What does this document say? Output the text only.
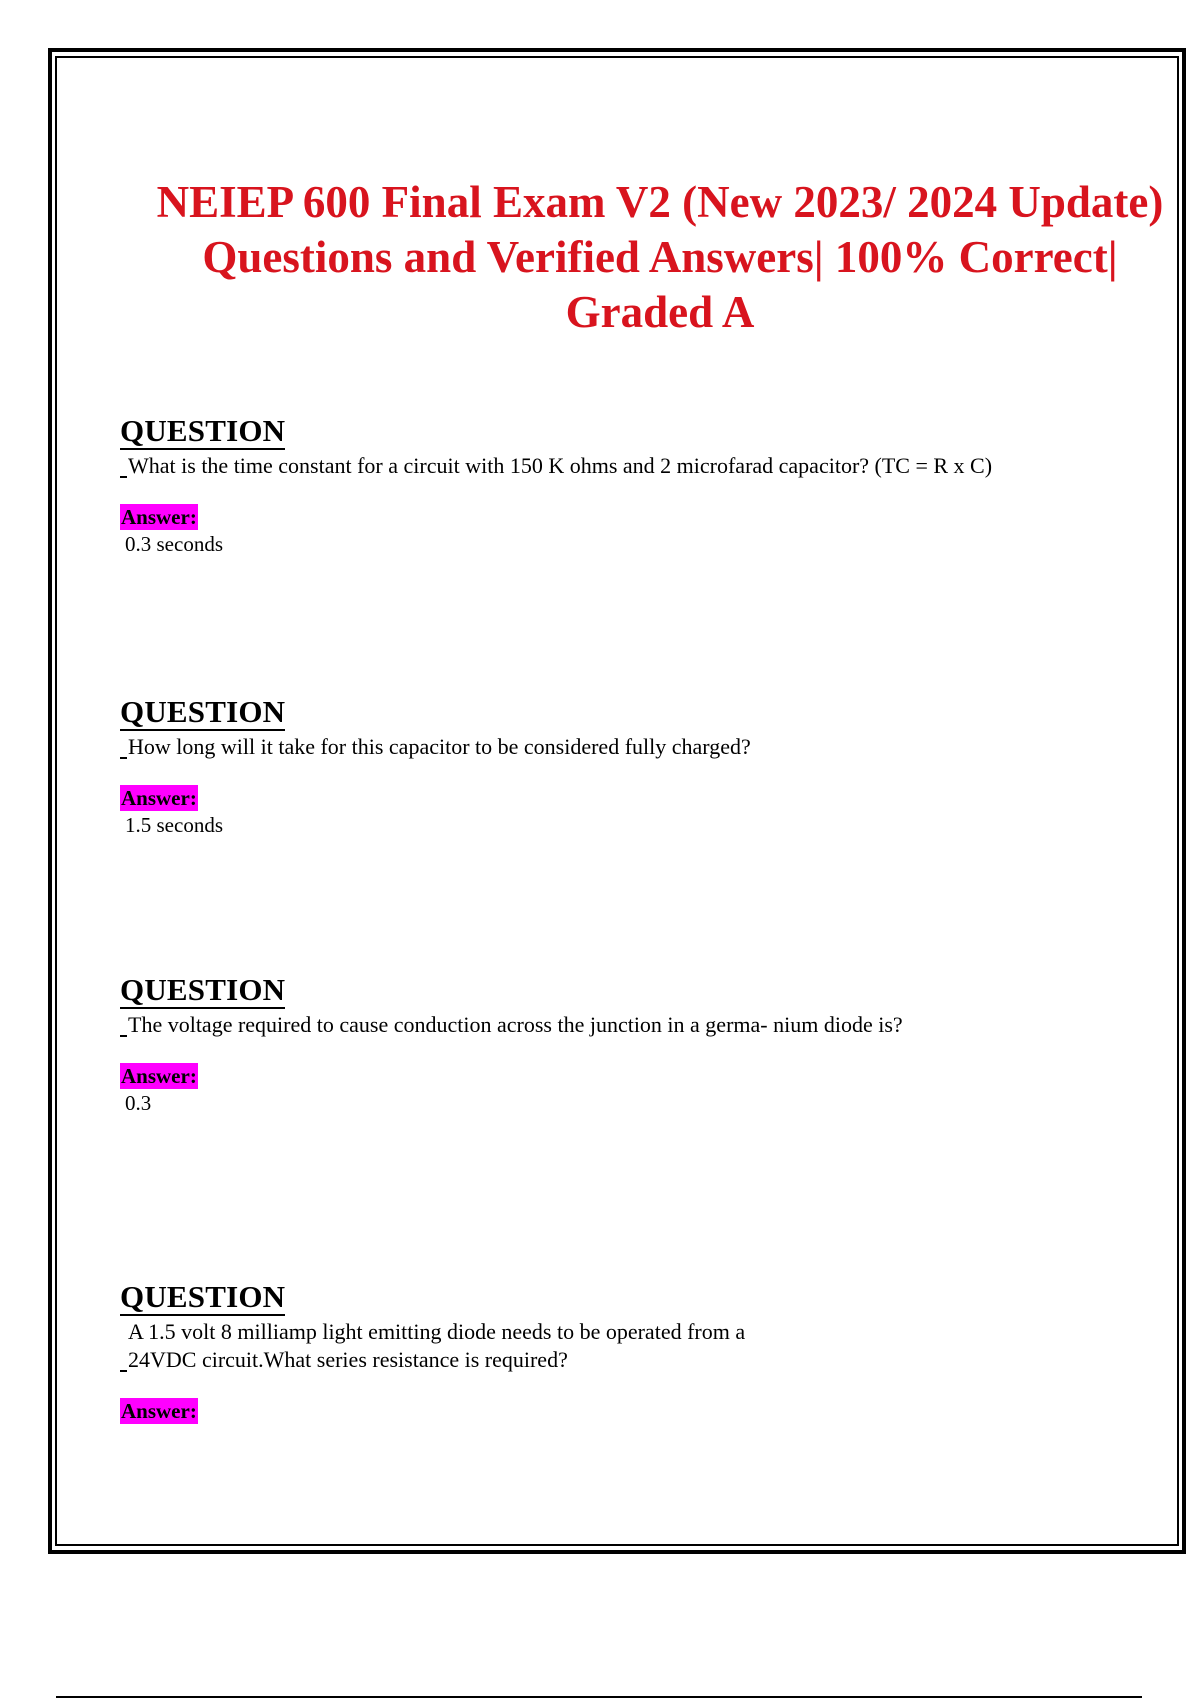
NEIEP 600 Final Exam V2 (New 2023/ 2024 Update)
Questions and Verified Answers| 100% Correct|
Graded A
QUESTION
What is the time constant for a circuit with 150 K ohms and 2 microfarad capacitor? (TC = R x C)
Answer:
0.3 seconds
QUESTION
How long will it take for this capacitor to be considered fully charged?
Answer:
1.5 seconds
QUESTION
The voltage required to cause conduction across the junction in a germa- nium diode is?
Answer:
0.3
QUESTION
A 1.5 volt 8 milliamp light emitting diode needs to be operated from a
24VDC circuit.What series resistance is required?
Answer:
